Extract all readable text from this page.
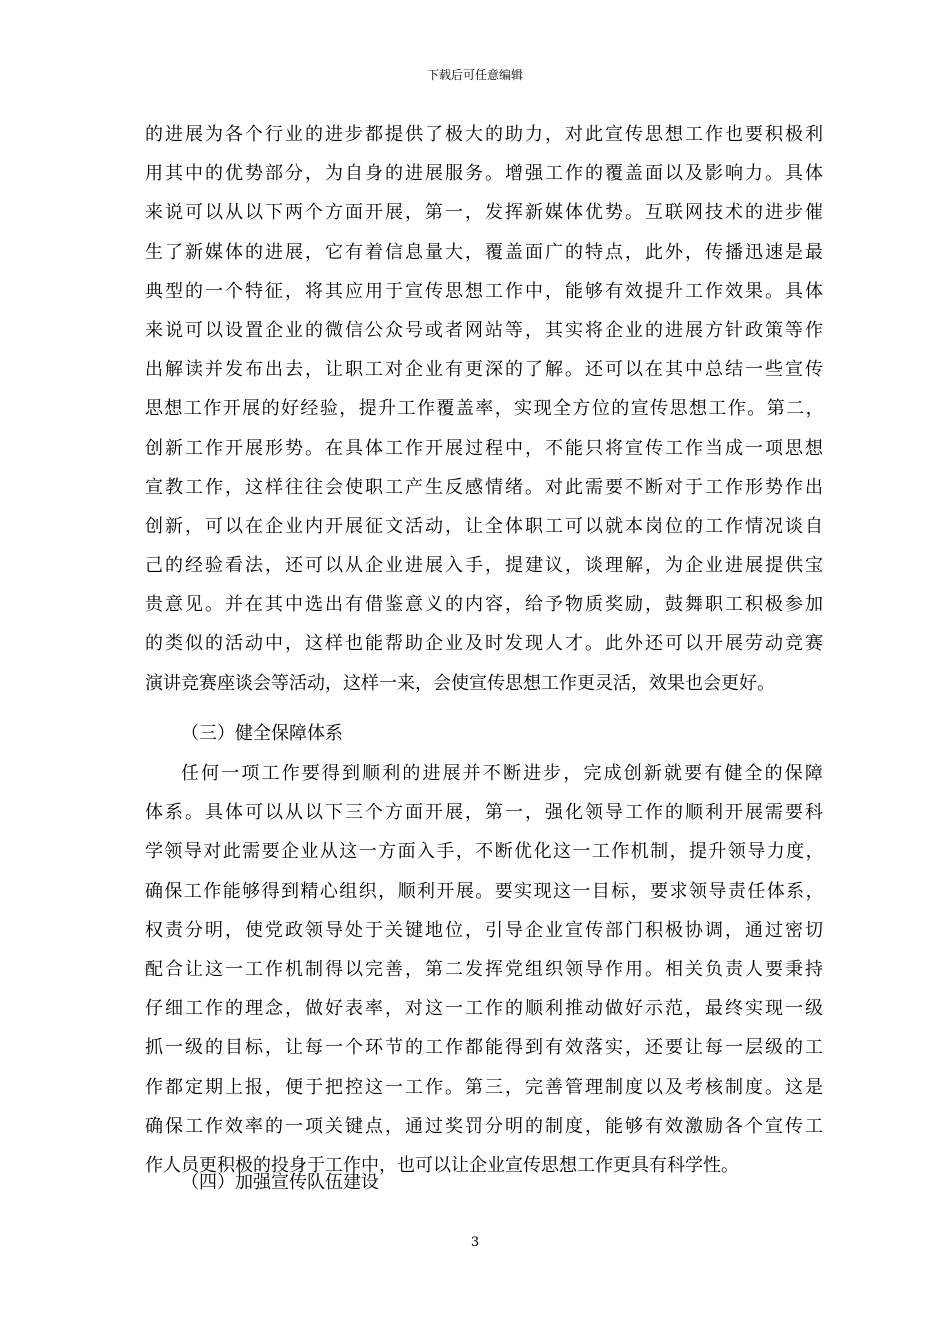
下载后可任意编辑
的进展为各个行业的进步都提供了极大的助力，对此宣传思想工作也要积极利
用其中的优势部分，为自身的进展服务。增强工作的覆盖面以及影响力。具体
来说可以从以下两个方面开展，第一，发挥新媒体优势。互联网技术的进步催
生了新媒体的进展，它有着信息量大，覆盖面广的特点，此外，传播迅速是最
典型的一个特征，将其应用于宣传思想工作中，能够有效提升工作效果。具体
来说可以设置企业的微信公众号或者网站等，其实将企业的进展方针政策等作
出解读并发布出去，让职工对企业有更深的了解。还可以在其中总结一些宣传
思想工作开展的好经验，提升工作覆盖率，实现全方位的宣传思想工作。第二，
创新工作开展形势。在具体工作开展过程中，不能只将宣传工作当成一项思想
宣教工作，这样往往会使职工产生反感情绪。对此需要不断对于工作形势作出
创新，可以在企业内开展征文活动，让全体职工可以就本岗位的工作情况谈自
己的经验看法，还可以从企业进展入手，提建议，谈理解，为企业进展提供宝
贵意见。并在其中选出有借鉴意义的内容，给予物质奖励，鼓舞职工积极参加
的类似的活动中，这样也能帮助企业及时发现人才。此外还可以开展劳动竞赛
演讲竞赛座谈会等活动，这样一来，会使宣传思想工作更灵活，效果也会更好。
（三）健全保障体系
任何一项工作要得到顺利的进展并不断进步，完成创新就要有健全的保障
体系。具体可以从以下三个方面开展，第一，强化领导工作的顺利开展需要科
学领导对此需要企业从这一方面入手，不断优化这一工作机制，提升领导力度，
确保工作能够得到精心组织，顺利开展。要实现这一目标，要求领导责任体系，
权责分明，使党政领导处于关键地位，引导企业宣传部门积极协调，通过密切
配合让这一工作机制得以完善，第二发挥党组织领导作用。相关负责人要秉持
仔细工作的理念，做好表率，对这一工作的顺利推动做好示范，最终实现一级
抓一级的目标，让每一个环节的工作都能得到有效落实，还要让每一层级的工
作都定期上报，便于把控这一工作。第三，完善管理制度以及考核制度。这是
确保工作效率的一项关键点，通过奖罚分明的制度，能够有效激励各个宣传工
作人员更积极的投身于工作中，也可以让企业宣传思想工作更具有科学性。
（四）加强宣传队伍建设
3
